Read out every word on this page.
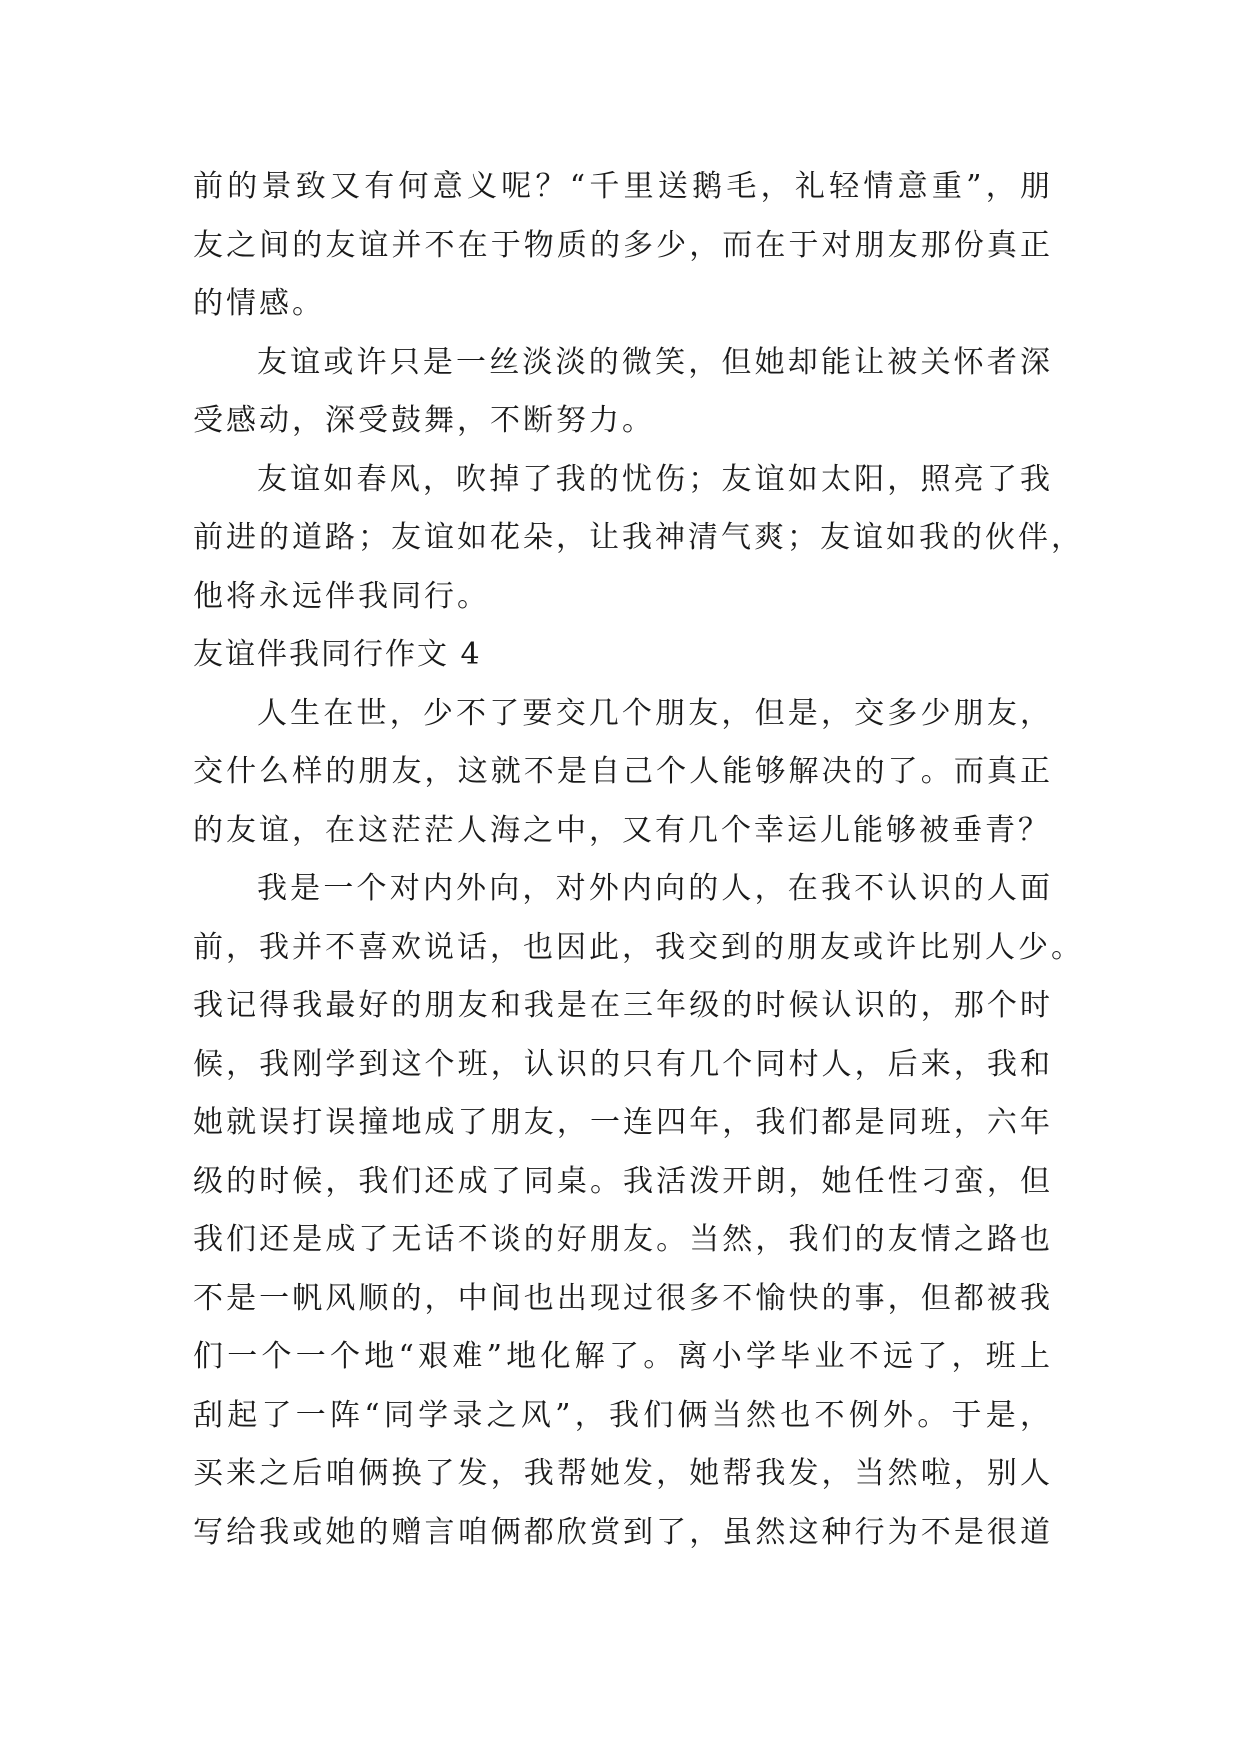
前的景致又有何意义呢？“千里送鹅毛，礼轻情意重”，朋
友之间的友谊并不在于物质的多少，而在于对朋友那份真正
的情感。
友谊或许只是一丝淡淡的微笑，但她却能让被关怀者深
受感动，深受鼓舞，不断努力。
友谊如春风，吹掉了我的忧伤；友谊如太阳，照亮了我
前进的道路；友谊如花朵，让我神清气爽；友谊如我的伙伴，
他将永远伴我同行。
友谊伴我同行作文 4
人生在世，少不了要交几个朋友，但是，交多少朋友，
交什么样的朋友，这就不是自己个人能够解决的了。而真正
的友谊，在这茫茫人海之中，又有几个幸运儿能够被垂青？
我是一个对内外向，对外内向的人，在我不认识的人面
前，我并不喜欢说话，也因此，我交到的朋友或许比别人少。
我记得我最好的朋友和我是在三年级的时候认识的，那个时
候，我刚学到这个班，认识的只有几个同村人，后来，我和
她就误打误撞地成了朋友，一连四年，我们都是同班，六年
级的时候，我们还成了同桌。我活泼开朗，她任性刁蛮，但
我们还是成了无话不谈的好朋友。当然，我们的友情之路也
不是一帆风顺的，中间也出现过很多不愉快的事，但都被我
们一个一个地“艰难”地化解了。离小学毕业不远了，班上
刮起了一阵“同学录之风”，我们俩当然也不例外。于是，
买来之后咱俩换了发，我帮她发，她帮我发，当然啦，别人
写给我或她的赠言咱俩都欣赏到了，虽然这种行为不是很道
